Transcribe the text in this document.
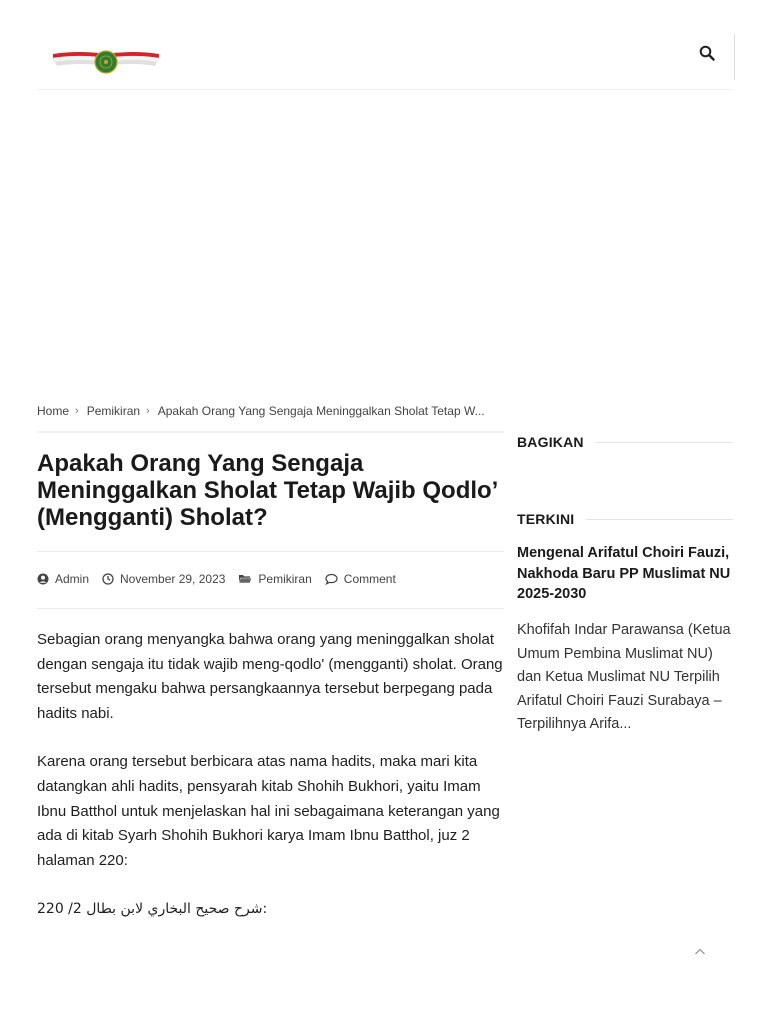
Home › Pemikiran › Apakah Orang Yang Sengaja Meninggalkan Sholat Tetap W...
Apakah Orang Yang Sengaja Meninggalkan Sholat Tetap Wajib Qodlo’ (Mengganti) Sholat?
Admin	November 29, 2023	Pemikiran	Comment

Sebagian orang menyangka bahwa orang yang meninggalkan sholat dengan sengaja itu tidak wajib meng-qodlo' (mengganti) sholat. Orang tersebut mengaku bahwa persangkaannya tersebut berpegang pada hadits nabi.

Karena orang tersebut berbicara atas nama hadits, maka mari kita datangkan ahli hadits, pensyarah kitab Shohih Bukhori, yaitu Imam Ibnu Batthol untuk menjelaskan hal ini sebagaimana keterangan yang ada di kitab Syarh Shohih Bukhori karya Imam Ibnu Batthol, juz 2 halaman 220:

220 /2 شرح صحيح البخاري لابن بطال:

BAGIKAN
TERKINI
Mengenal Arifatul Choiri Fauzi, Nakhoda Baru PP Muslimat NU 2025-2030
Khofifah Indar Parawansa (Ketua Umum Pembina Muslimat NU) dan Ketua Muslimat NU Terpilih Arifatul Choiri Fauzi Surabaya – Terpilihnya Arifa...
